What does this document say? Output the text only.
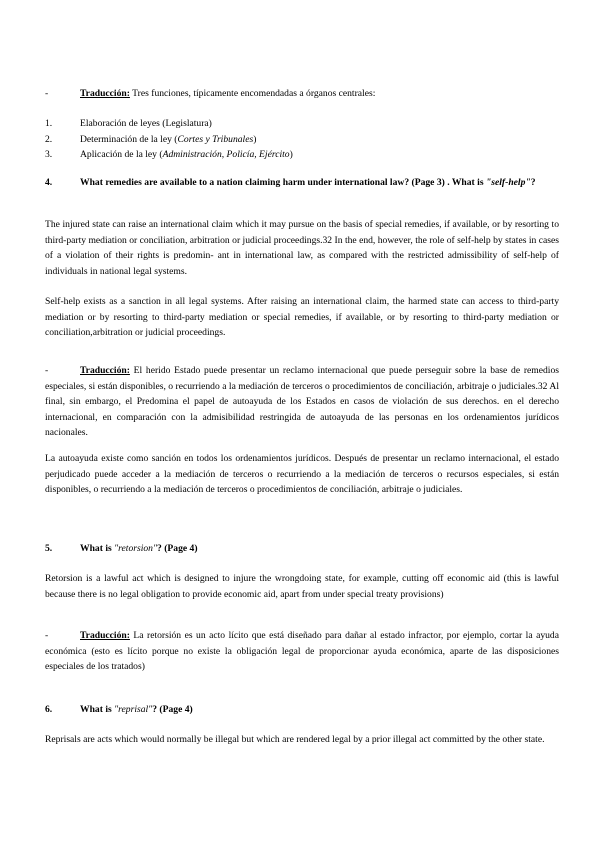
-	Traducción: Tres funciones, típicamente encomendadas a órganos centrales:
1.	Elaboración de leyes (Legislatura)
2.	Determinación de la ley (Cortes y Tribunales)
3.	Aplicación de la ley (Administración, Policía, Ejército)
4.	What remedies are available to a nation claiming harm under international law? (Page 3) . What is "self-help"?

The injured state can raise an international claim which it may pursue on the basis of special remedies, if available, or by resorting to third-party mediation or conciliation, arbitration or judicial proceedings.32 In the end, however, the role of self-help by states in cases of a violation of their rights is predomin- ant in international law, as compared with the restricted admissibility of self-help of individuals in national legal systems.

Self-help exists as a sanction in all legal systems. After raising an international claim, the harmed state can access to third-party mediation or by resorting to third-party mediation or special remedies, if available, or by resorting to third-party mediation or conciliation,arbitration or judicial proceedings.

-	Traducción: El herido Estado puede presentar un reclamo internacional que puede perseguir sobre la base de remedios especiales, si están disponibles, o recurriendo a la mediación de terceros o procedimientos de conciliación, arbitraje o judiciales.32 Al final, sin embargo, el Predomina el papel de autoayuda de los Estados en casos de violación de sus derechos. en el derecho internacional, en comparación con la admisibilidad restringida de autoayuda de las personas en los ordenamientos jurídicos nacionales.

La autoayuda existe como sanción en todos los ordenamientos jurídicos. Después de presentar un reclamo internacional, el estado perjudicado puede acceder a la mediación de terceros o recurriendo a la mediación de terceros o recursos especiales, si están disponibles, o recurriendo a la mediación de terceros o procedimientos de conciliación, arbitraje o judiciales.

5.	What is "retorsion"? (Page 4)

Retorsion is a lawful act which is designed to injure the wrongdoing state, for example, cutting off economic aid (this is lawful because there is no legal obligation to provide economic aid, apart from under special treaty provisions)

-	Traducción: La retorsión es un acto lícito que está diseñado para dañar al estado infractor, por ejemplo, cortar la ayuda económica (esto es lícito porque no existe la obligación legal de proporcionar ayuda económica, aparte de las disposiciones especiales de los tratados)
6.	What is "reprisal"? (Page 4)

Reprisals are acts which would normally be illegal but which are rendered legal by a prior illegal act committed by the other state.
